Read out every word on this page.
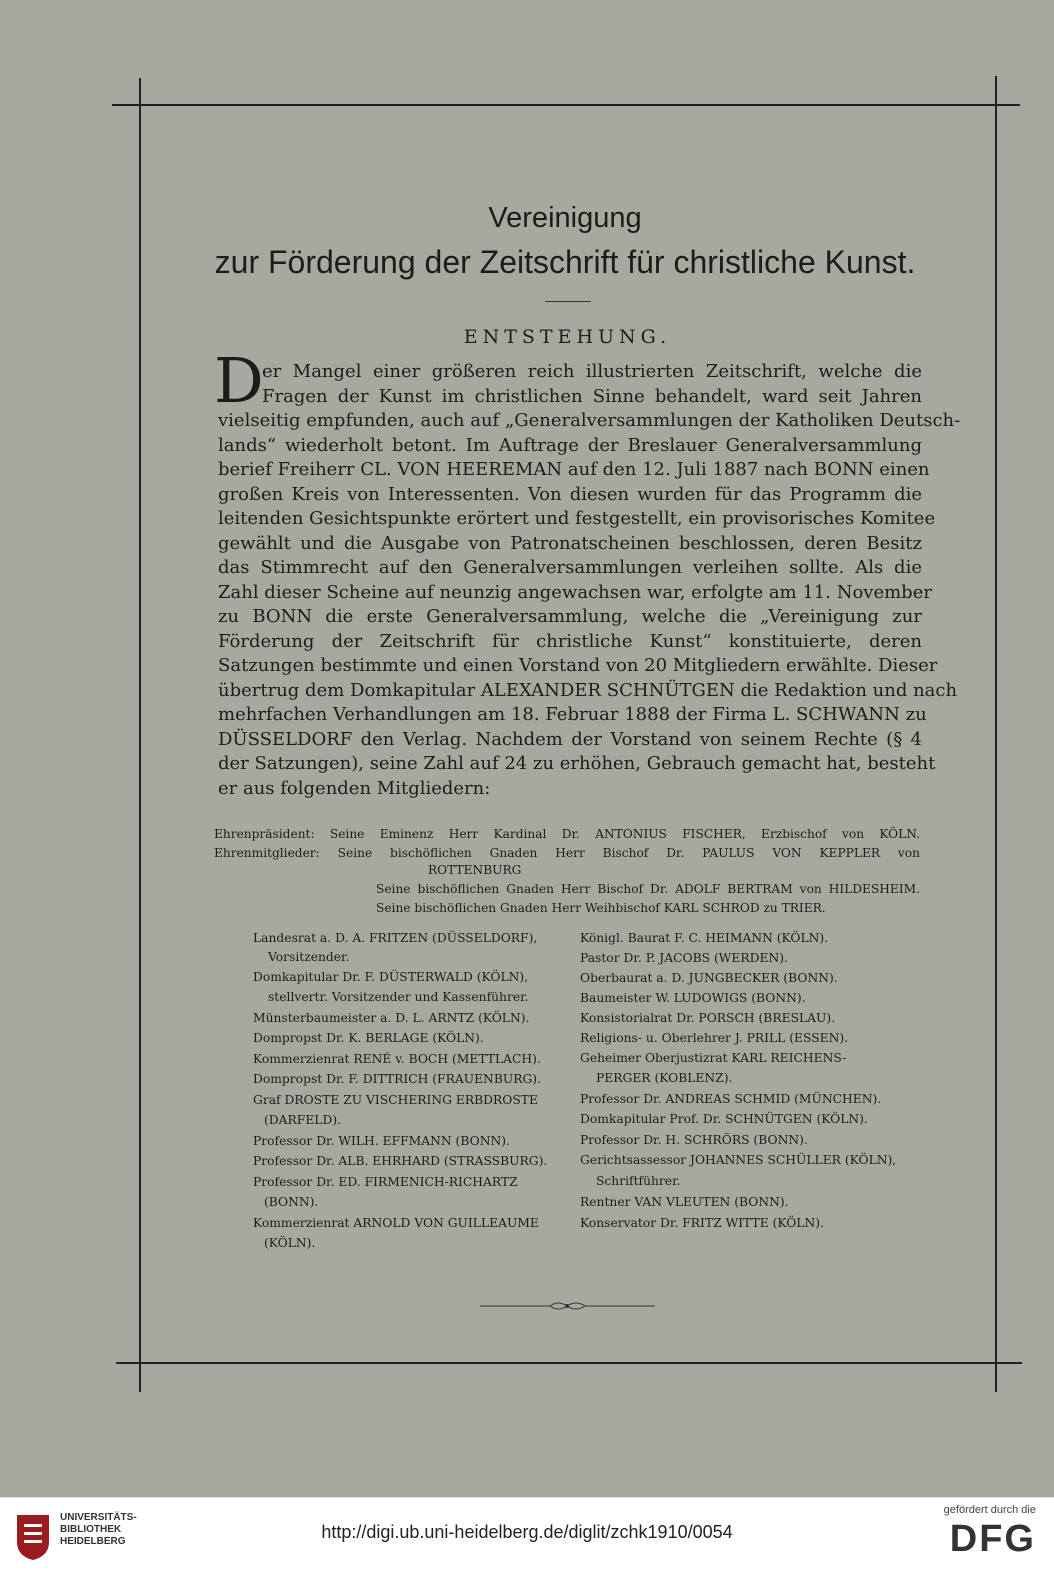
Vereinigung
zur Förderung der Zeitschrift für christliche Kunst.
ENTSTEHUNG.
D
er Mangel einer größeren reich illustrierten Zeitschrift, welche die
Fragen der Kunst im christlichen Sinne behandelt, ward seit Jahren
vielseitig empfunden, auch auf „Generalversammlungen der Katholiken Deutsch-
lands“ wiederholt betont. Im Auftrage der Breslauer Generalversammlung
berief Freiherr CL. VON HEEREMAN auf den 12. Juli 1887 nach BONN einen
großen Kreis von Interessenten. Von diesen wurden für das Programm die
leitenden Gesichtspunkte erörtert und festgestellt, ein provisorisches Komitee
gewählt und die Ausgabe von Patronatscheinen beschlossen, deren Besitz
das Stimmrecht auf den Generalversammlungen verleihen sollte. Als die
Zahl dieser Scheine auf neunzig angewachsen war, erfolgte am 11. November
zu BONN die erste Generalversammlung, welche die „Vereinigung zur
Förderung der Zeitschrift für christliche Kunst“ konstituierte, deren
Satzungen bestimmte und einen Vorstand von 20 Mitgliedern erwählte. Dieser
übertrug dem Domkapitular ALEXANDER SCHNÜTGEN die Redaktion und nach
mehrfachen Verhandlungen am 18. Februar 1888 der Firma L. SCHWANN zu
DÜSSELDORF den Verlag. Nachdem der Vorstand von seinem Rechte (§ 4
der Satzungen), seine Zahl auf 24 zu erhöhen, Gebrauch gemacht hat, besteht
er aus folgenden Mitgliedern:
Ehrenpräsident: Seine Eminenz Herr Kardinal Dr. ANTONIUS FISCHER, Erzbischof von KÖLN.
Ehrenmitglieder: Seine bischöflichen Gnaden Herr Bischof Dr. PAULUS VON KEPPLER von
ROTTENBURG
Seine bischöflichen Gnaden Herr Bischof Dr. ADOLF BERTRAM von HILDESHEIM.
Seine bischöflichen Gnaden Herr Weihbischof KARL SCHROD zu TRIER.
Landesrat a. D. A. FRITZEN (DÜSSELDORF),
Vorsitzender.
Domkapitular Dr. F. DÜSTERWALD (KÖLN),
stellvertr. Vorsitzender und Kassenführer.
Münsterbaumeister a. D. L. ARNTZ (KÖLN).
Dompropst Dr. K. BERLAGE (KÖLN).
Kommerzienrat RENÉ v. BOCH (METTLACH).
Dompropst Dr. F. DITTRICH (FRAUENBURG).
Graf DROSTE ZU VISCHERING ERBDROSTE
(DARFELD).
Professor Dr. WILH. EFFMANN (BONN).
Professor Dr. ALB. EHRHARD (STRASSBURG).
Professor Dr. ED. FIRMENICH-RICHARTZ
(BONN).
Kommerzienrat ARNOLD VON GUILLEAUME
(KÖLN).
Königl. Baurat F. C. HEIMANN (KÖLN).
Pastor Dr. P. JACOBS (WERDEN).
Oberbaurat a. D. JUNGBECKER (BONN).
Baumeister W. LUDOWIGS (BONN).
Konsistorialrat Dr. PORSCH (BRESLAU).
Religions- u. Oberlehrer J. PRILL (ESSEN).
Geheimer Oberjustizrat KARL REICHENS-
PERGER (KOBLENZ).
Professor Dr. ANDREAS SCHMID (MÜNCHEN).
Domkapitular Prof. Dr. SCHNÜTGEN (KÖLN).
Professor Dr. H. SCHRÖRS (BONN).
Gerichtsassessor JOHANNES SCHÜLLER (KÖLN),
Schriftführer.
Rentner VAN VLEUTEN (BONN).
Konservator Dr. FRITZ WITTE (KÖLN).
UNIVERSITÄTS-
BIBLIOTHEK
HEIDELBERG	http://digi.ub.uni-heidelberg.de/diglit/zchk1910/0054
gefördert durch die
DFG
